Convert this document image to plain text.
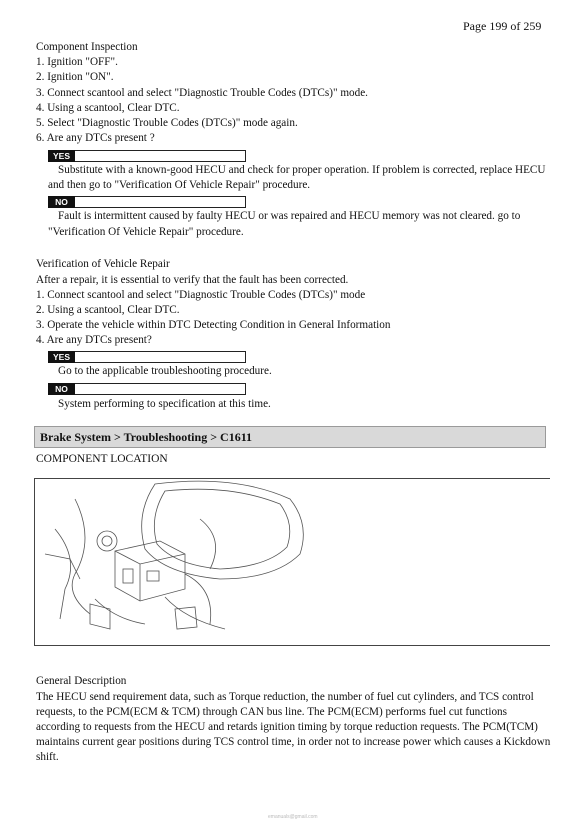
Page 199 of 259
Component Inspection
1. Ignition "OFF".
2. Ignition "ON".
3. Connect scantool and select "Diagnostic Trouble Codes (DTCs)" mode.
4. Using a scantool, Clear DTC.
5. Select "Diagnostic Trouble Codes (DTCs)" mode again.
6. Are any DTCs present ?
YES
Substitute with a known-good HECU and check for proper operation. If problem is corrected, replace HECU
and then go to "Verification Of Vehicle Repair" procedure.
NO
Fault is intermittent caused by faulty HECU or was repaired and HECU memory was not cleared. go to
"Verification Of Vehicle Repair" procedure.
Verification of Vehicle Repair
After a repair, it is essential to verify that the fault has been corrected.
1. Connect scantool and select "Diagnostic Trouble Codes (DTCs)" mode
2. Using a scantool, Clear DTC.
3. Operate the vehicle within DTC Detecting Condition in General Information
4. Are any DTCs present?
YES
Go to the applicable troubleshooting procedure.
NO
System performing to specification at this time.
Brake System > Troubleshooting > C1611
COMPONENT LOCATION
General Description
The HECU send requirement data, such as Torque reduction, the number of fuel cut cylinders, and TCS control
requests, to the PCM(ECM & TCM) through CAN bus line. The PCM(ECM) performs fuel cut functions
according to requests from the HECU and retards ignition timing by torque reduction requests. The PCM(TCM)
maintains current gear positions during TCS control time, in order not to increase power which causes a Kickdown
shift.
emanuals@gmail.com
